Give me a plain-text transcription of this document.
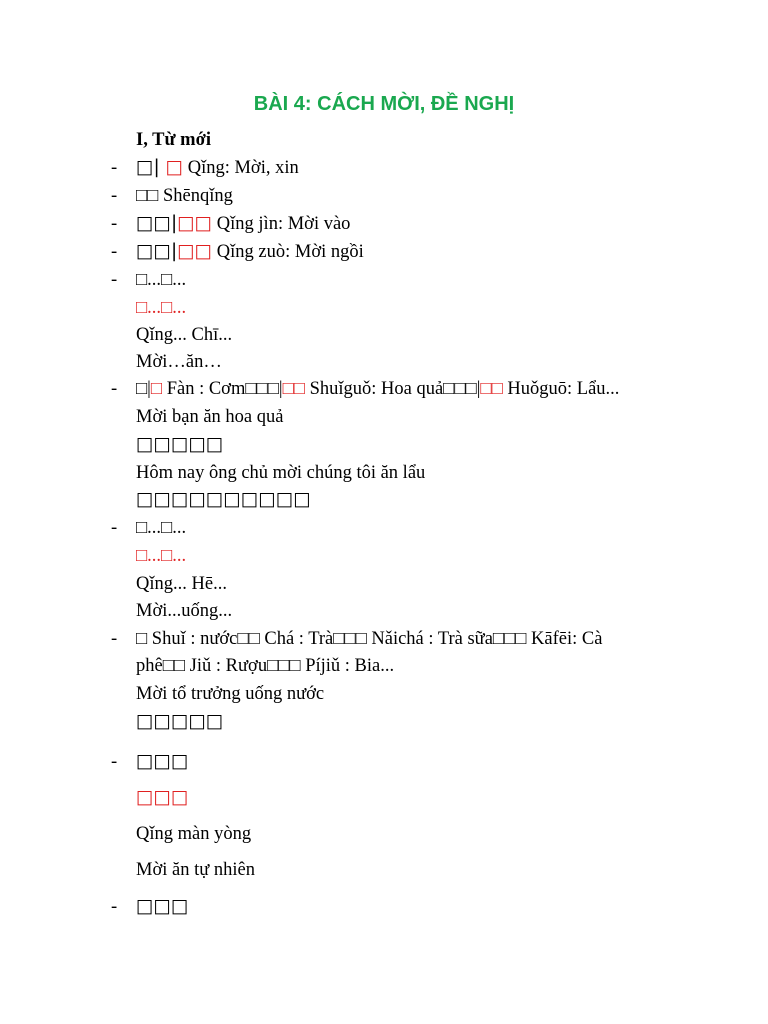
BÀI 4: CÁCH MỜI, ĐỀ NGHỊ
-
-
-
-
-
-
-
-
-
-
I, Từ mới
□| □ Qǐng: Mời, xin
□□ Shēnqǐng
□□|□□ Qǐng jìn: Mời vào
□□|□□ Qǐng zuò: Mời ngồi
□...□...
□...□...
Qǐng... Chī...
Mời…ăn…
□|□ Fàn : Cơm□□□|□□ Shuǐguǒ: Hoa quả□□□|□□ Huǒguō: Lẩu...
Mời bạn ăn hoa quả
□□□□□
Hôm nay ông chủ mời chúng tôi ăn lẩu
□□□□□□□□□□
□...□...
□...□...
Qǐng... Hē...
Mời...uống...
□ Shuǐ : nước□□ Chá : Trà□□□ Nǎichá : Trà sữa□□□ Kāfēi: Cà
phê□□ Jiǔ : Rượu□□□ Píjiǔ : Bia...
Mời tổ trưởng uống nước
□□□□□
□□□
□□□
Qǐng màn yòng
Mời ăn tự nhiên
□□□
